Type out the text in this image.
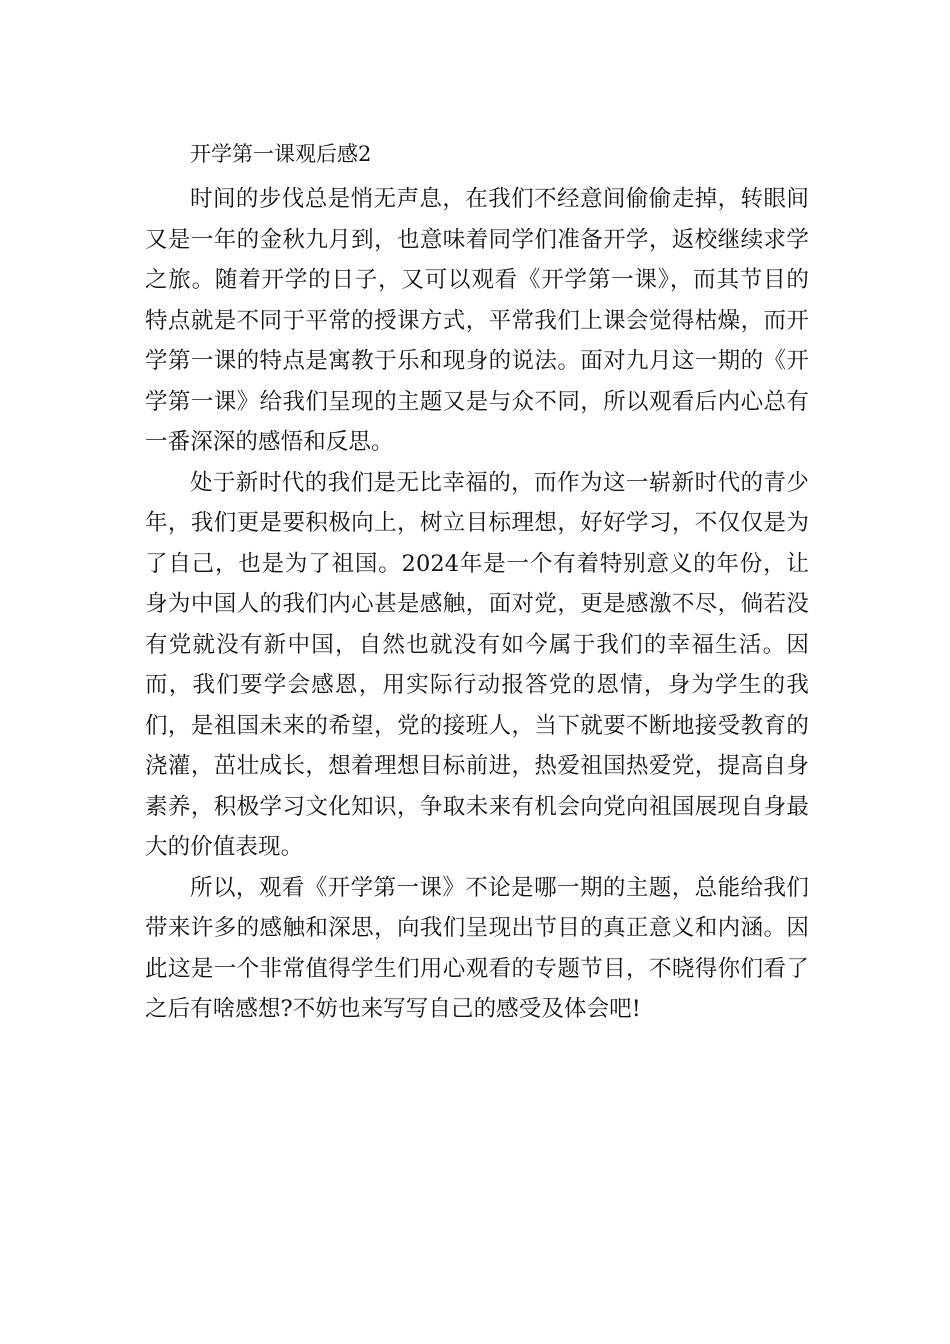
开学第一课观后感2

时间的步伐总是悄无声息，在我们不经意间偷偷走掉，转眼间又是一年的金秋九月到，也意味着同学们准备开学，返校继续求学之旅。随着开学的日子，又可以观看《开学第一课》，而其节目的特点就是不同于平常的授课方式，平常我们上课会觉得枯燥，而开学第一课的特点是寓教于乐和现身的说法。面对九月这一期的《开学第一课》给我们呈现的主题又是与众不同，所以观看后内心总有一番深深的感悟和反思。

处于新时代的我们是无比幸福的，而作为这一崭新时代的青少年，我们更是要积极向上，树立目标理想，好好学习，不仅仅是为了自己，也是为了祖国。2024年是一个有着特别意义的年份，让身为中国人的我们内心甚是感触，面对党，更是感激不尽，倘若没有党就没有新中国，自然也就没有如今属于我们的幸福生活。因而，我们要学会感恩，用实际行动报答党的恩情，身为学生的我们，是祖国未来的希望，党的接班人，当下就要不断地接受教育的浇灌，茁壮成长，想着理想目标前进，热爱祖国热爱党，提高自身素养，积极学习文化知识，争取未来有机会向党向祖国展现自身最大的价值表现。

所以，观看《开学第一课》不论是哪一期的主题，总能给我们带来许多的感触和深思，向我们呈现出节目的真正意义和内涵。因此这是一个非常值得学生们用心观看的专题节目，不晓得你们看了之后有啥感想?不妨也来写写自己的感受及体会吧!
